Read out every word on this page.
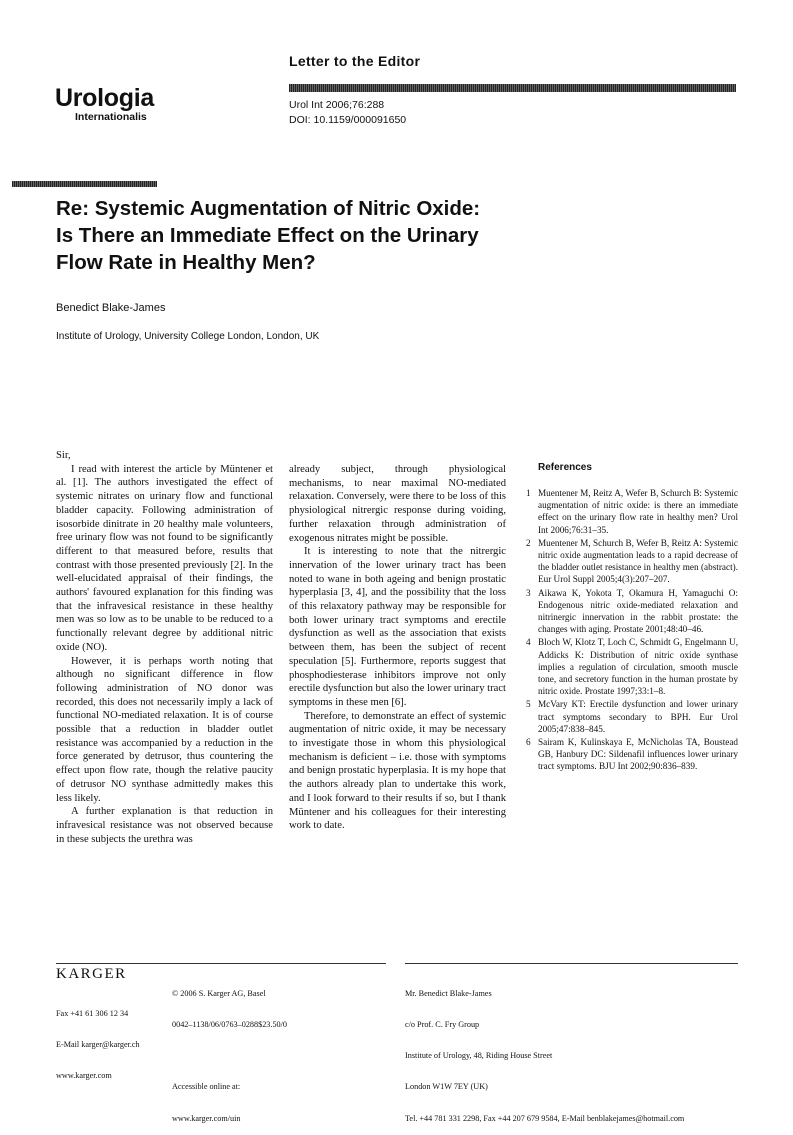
Urologia
Internationalis
Letter to the Editor
Urol Int 2006;76:288
DOI: 10.1159/000091650
Re: Systemic Augmentation of Nitric Oxide:
Is There an Immediate Effect on the Urinary
Flow Rate in Healthy Men?
Benedict Blake-James
Institute of Urology, University College London, London, UK

Sir,

I read with interest the article by Müntener et al. [1]. The authors investigated the effect of systemic nitrates on urinary flow and functional bladder capacity. Following administration of isosorbide dinitrate in 20 healthy male volunteers, free urinary flow was not found to be significantly different to that measured before, results that contrast with those presented previously [2]. In the well-elucidated appraisal of their findings, the authors' favoured explanation for this finding was that the infravesical resistance in these healthy men was so low as to be unable to be reduced to a functionally relevant degree by additional nitric oxide (NO).

However, it is perhaps worth noting that although no significant difference in flow following administration of NO donor was recorded, this does not necessarily imply a lack of functional NO-mediated relaxation. It is of course possible that a reduction in bladder outlet resistance was accompanied by a reduction in the force generated by detrusor, thus countering the effect upon flow rate, though the relative paucity of detrusor NO synthase admittedly makes this less likely.

A further explanation is that reduction in infravesical resistance was not observed because in these subjects the urethra was

already subject, through physiological mechanisms, to near maximal NO-mediated relaxation. Conversely, were there to be loss of this physiological nitrergic response during voiding, further relaxation through administration of exogenous nitrates might be possible.

It is interesting to note that the nitrergic innervation of the lower urinary tract has been noted to wane in both ageing and benign prostatic hyperplasia [3, 4], and the possibility that the loss of this relaxatory pathway may be responsible for both lower urinary tract symptoms and erectile dysfunction as well as the association that exists between them, has been the subject of recent speculation [5]. Furthermore, reports suggest that phosphodiesterase inhibitors improve not only erectile dysfunction but also the lower urinary tract symptoms in these men [6].

Therefore, to demonstrate an effect of systemic augmentation of nitric oxide, it may be necessary to investigate those in whom this physiological mechanism is deficient – i.e. those with symptoms and benign prostatic hyperplasia. It is my hope that the authors already plan to undertake this work, and I look forward to their results if so, but I thank Müntener and his colleagues for their interesting work to date.

References
1 Muentener M, Reitz A, Wefer B, Schurch B: Systemic augmentation of nitric oxide: is there an immediate effect on the urinary flow rate in healthy men? Urol Int 2006;76:31–35.
2 Muentener M, Schurch B, Wefer B, Reitz A: Systemic nitric oxide augmentation leads to a rapid decrease of the bladder outlet resistance in healthy men (abstract). Eur Urol Suppl 2005;4(3):207–207.
3 Aikawa K, Yokota T, Okamura H, Yamaguchi O: Endogenous nitric oxide-mediated relaxation and nitrinergic innervation in the rabbit prostate: the changes with aging. Prostate 2001;48:40–46.
4 Bloch W, Klotz T, Loch C, Schmidt G, Engelmann U, Addicks K: Distribution of nitric oxide synthase implies a regulation of circulation, smooth muscle tone, and secretory function in the human prostate by nitric oxide. Prostate 1997;33:1–8.
5 McVary KT: Erectile dysfunction and lower urinary tract symptoms secondary to BPH. Eur Urol 2005;47:838–845.
6 Sairam K, Kulinskaya E, McNicholas TA, Boustead GB, Hanbury DC: Sildenafil influences lower urinary tract symptoms. BJU Int 2002;90:836–839.
KARGER

Fax +41 61 306 12 34

E-Mail karger@karger.ch

www.karger.com

© 2006 S. Karger AG, Basel

0042–1138/06/0763–0288$23.50/0

Accessible online at:

www.karger.com/uin

Mr. Benedict Blake-James

c/o Prof. C. Fry Group

Institute of Urology, 48, Riding House Street

London W1W 7EY (UK)

Tel. +44 781 331 2298, Fax +44 207 679 9584, E-Mail benblakejames@hotmail.com
